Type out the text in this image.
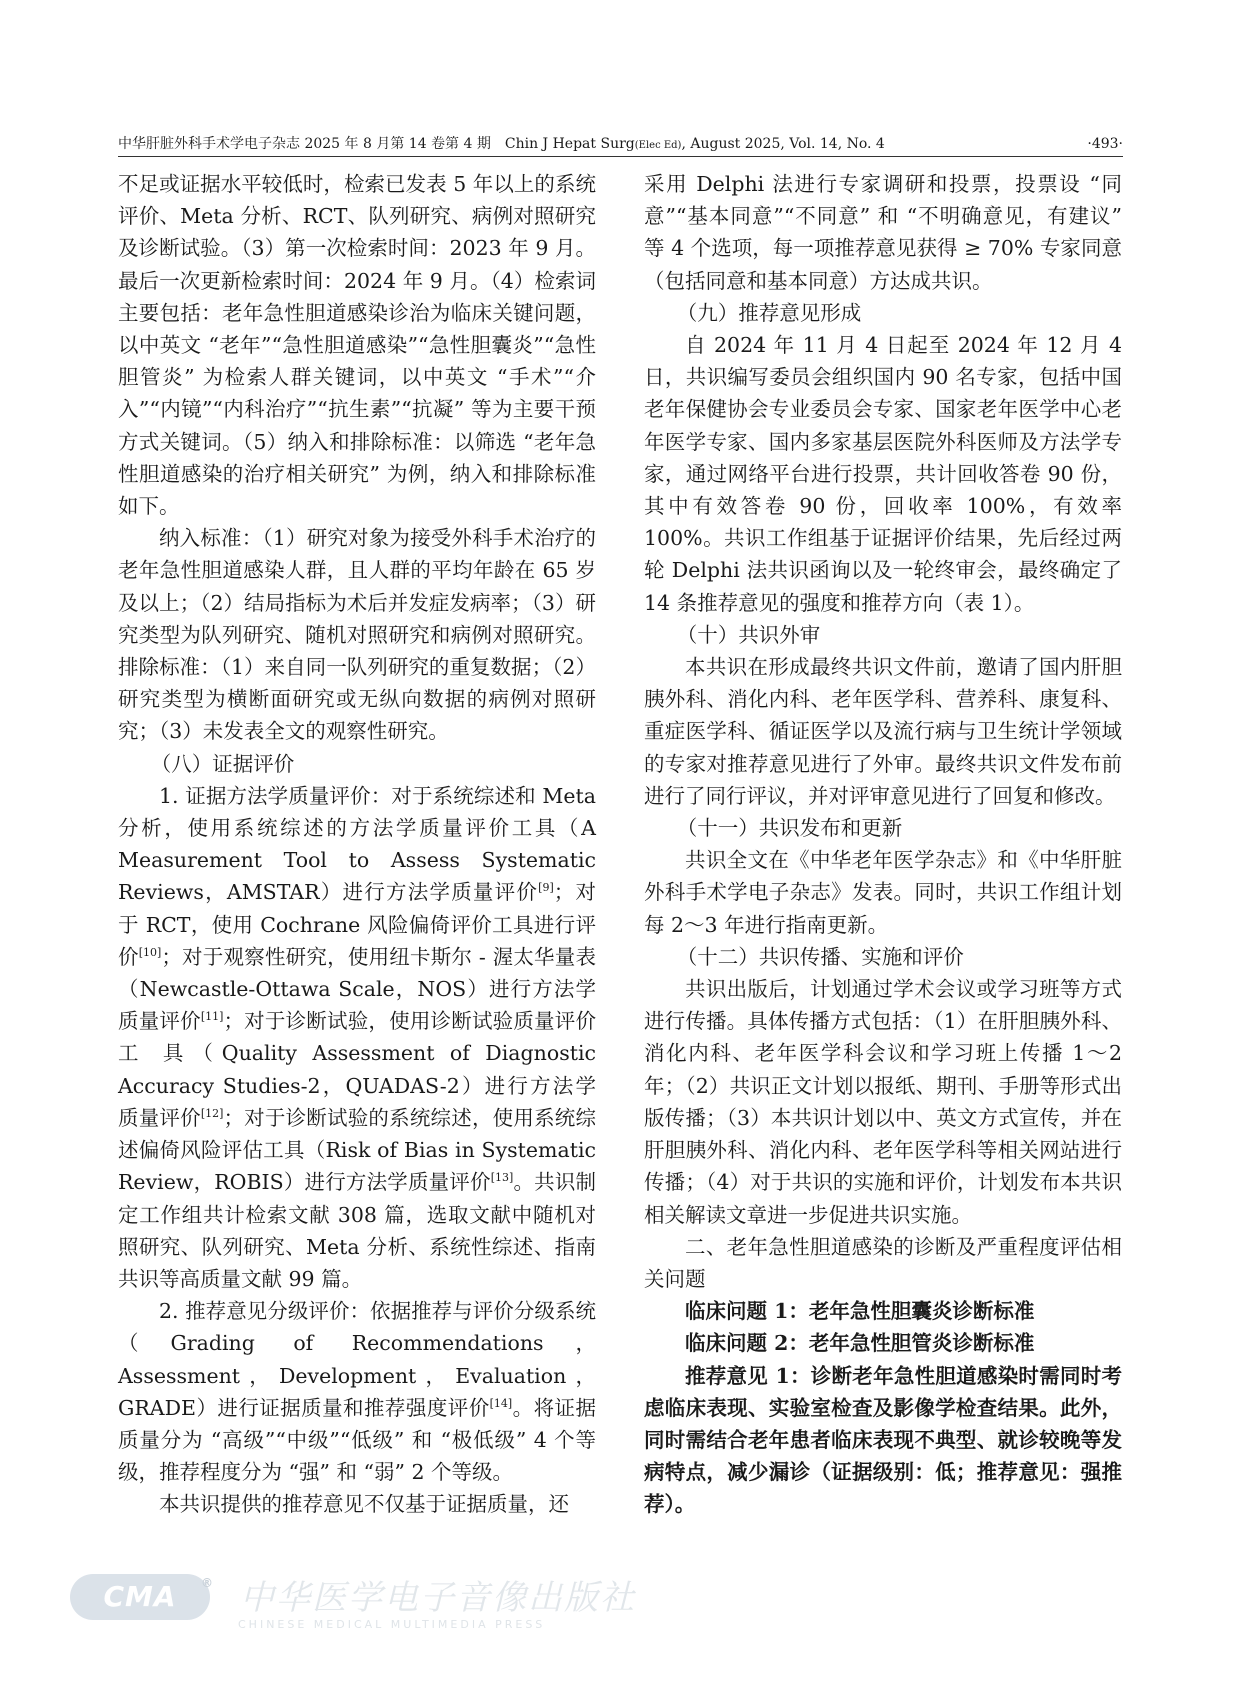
中华肝脏外科手术学电子杂志 2025 年 8 月第 14 卷第 4 期 Chin J Hepat Surg(Elec Ed), August 2025, Vol. 14, No. 4	·493·

不足或证据水平较低时，检索已发表 5 年以上的系统评价、Meta 分析、RCT、队列研究、病例对照研究及诊断试验。（3）第一次检索时间：2023 年 9 月。最后一次更新检索时间：2024 年 9 月。（4）检索词主要包括：老年急性胆道感染诊治为临床关键问题，以中英文 “老年”“急性胆道感染”“急性胆囊炎”“急性胆管炎” 为检索人群关键词，以中英文 “手术”“介入”“内镜”“内科治疗”“抗生素”“抗凝” 等为主要干预方式关键词。（5）纳入和排除标准：以筛选 “老年急性胆道感染的治疗相关研究” 为例，纳入和排除标准如下。

纳入标准：（1）研究对象为接受外科手术治疗的老年急性胆道感染人群，且人群的平均年龄在 65 岁及以上；（2）结局指标为术后并发症发病率；（3）研究类型为队列研究、随机对照研究和病例对照研究。排除标准：（1）来自同一队列研究的重复数据；（2）研究类型为横断面研究或无纵向数据的病例对照研究；（3）未发表全文的观察性研究。

（八）证据评价

1. 证据方法学质量评价：对于系统综述和 Meta 分析，使用系统综述的方法学质量评价工具（A Measurement Tool to Assess Systematic Reviews，AMSTAR）进行方法学质量评价[9]；对于 RCT，使用 Cochrane 风险偏倚评价工具进行评价[10]；对于观察性研究，使用纽卡斯尔 - 渥太华量表（Newcastle-Ottawa Scale，NOS）进行方法学质量评价[11]；对于诊断试验，使用诊断试验质量评价工 具（Quality Assessment of Diagnostic Accuracy Studies-2，QUADAS-2）进行方法学质量评价[12]；对于诊断试验的系统综述，使用系统综述偏倚风险评估工具（Risk of Bias in Systematic Review，ROBIS）进行方法学质量评价[13]。共识制定工作组共计检索文献 308 篇，选取文献中随机对照研究、队列研究、Meta 分析、系统性综述、指南共识等高质量文献 99 篇。

2. 推荐意见分级评价：依据推荐与评价分级系统（Grading of Recommendations，Assessment，Development，Evaluation，GRADE）进行证据质量和推荐强度评价[14]。将证据质量分为 “高级”“中级”“低级” 和 “极低级” 4 个等级，推荐程度分为 “强” 和 “弱” 2 个等级。

本共识提供的推荐意见不仅基于证据质量，还

采用 Delphi 法进行专家调研和投票，投票设 “同意”“基本同意”“不同意” 和 “不明确意见，有建议” 等 4 个选项，每一项推荐意见获得 ≥ 70% 专家同意（包括同意和基本同意）方达成共识。

（九）推荐意见形成

自 2024 年 11 月 4 日起至 2024 年 12 月 4 日，共识编写委员会组织国内 90 名专家，包括中国老年保健协会专业委员会专家、国家老年医学中心老年医学专家、国内多家基层医院外科医师及方法学专家，通过网络平台进行投票，共计回收答卷 90 份，其中有效答卷 90 份，回收率 100%，有效率 100%。共识工作组基于证据评价结果，先后经过两轮 Delphi 法共识函询以及一轮终审会，最终确定了 14 条推荐意见的强度和推荐方向（表 1）。

（十）共识外审

本共识在形成最终共识文件前，邀请了国内肝胆胰外科、消化内科、老年医学科、营养科、康复科、重症医学科、循证医学以及流行病与卫生统计学领域的专家对推荐意见进行了外审。最终共识文件发布前进行了同行评议，并对评审意见进行了回复和修改。

（十一）共识发布和更新

共识全文在《中华老年医学杂志》和《中华肝脏外科手术学电子杂志》发表。同时，共识工作组计划每 2～3 年进行指南更新。

（十二）共识传播、实施和评价

共识出版后，计划通过学术会议或学习班等方式进行传播。具体传播方式包括：（1）在肝胆胰外科、消化内科、老年医学科会议和学习班上传播 1～2 年；（2）共识正文计划以报纸、期刊、手册等形式出版传播；（3）本共识计划以中、英文方式宣传，并在肝胆胰外科、消化内科、老年医学科等相关网站进行传播；（4）对于共识的实施和评价，计划发布本共识相关解读文章进一步促进共识实施。

二、老年急性胆道感染的诊断及严重程度评估相关问题

临床问题 1：老年急性胆囊炎诊断标准

临床问题 2：老年急性胆管炎诊断标准

推荐意见 1：诊断老年急性胆道感染时需同时考虑临床表现、实验室检查及影像学检查结果。此外，同时需结合老年患者临床表现不典型、就诊较晚等发病特点，减少漏诊（证据级别：低；推荐意见：强推荐）。

CMA ® 中华医学电子音像出版社
CHINESE MEDICAL MULTIMEDIA PRESS
